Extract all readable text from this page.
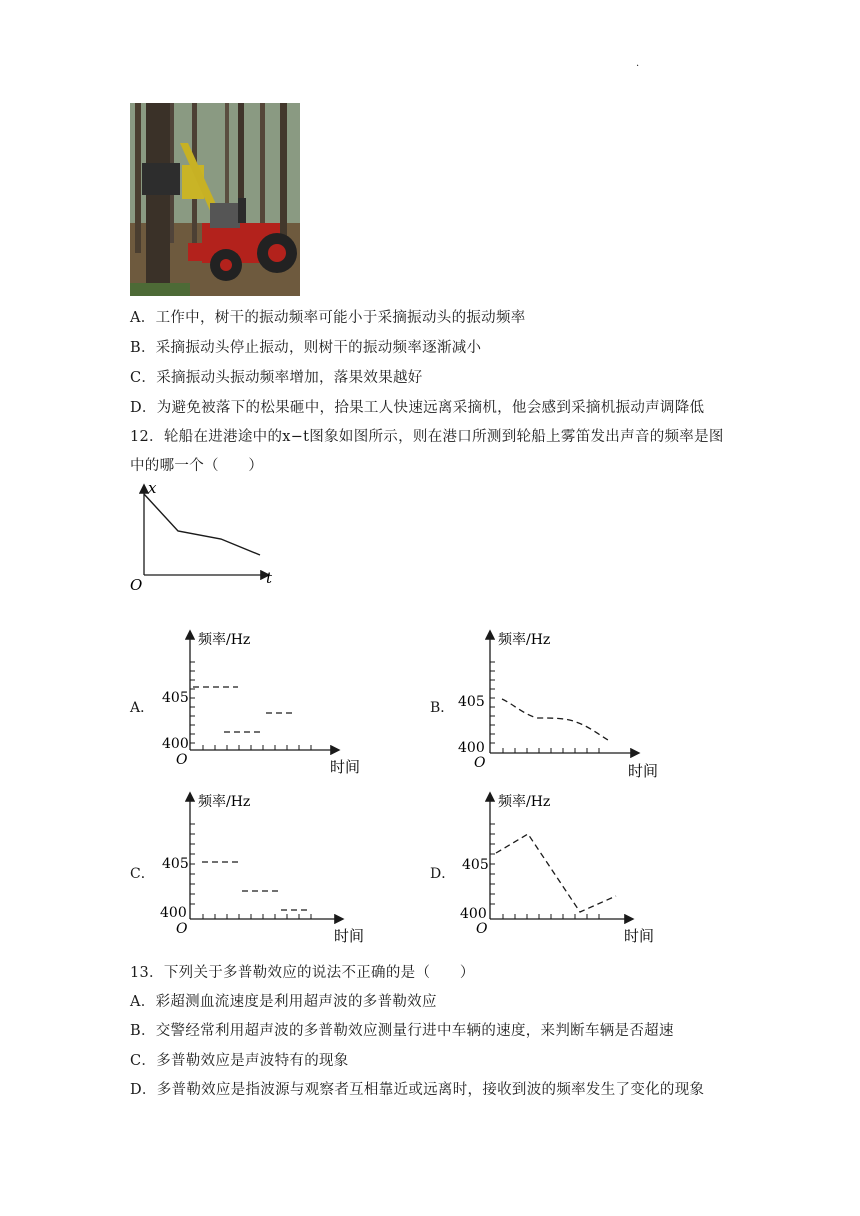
.
A．工作中，树干的振动频率可能小于采摘振动头的振动频率
B．采摘振动头停止振动，则树干的振动频率逐渐减小
C．采摘振动头振动频率增加，落果效果越好
D．为避免被落下的松果砸中，拾果工人快速远离采摘机，他会感到采摘机振动声调降低
12．轮船在进港途中的x−t图象如图所示，则在港口所测到轮船上雾笛发出声音的频率是图
中的哪一个（　　）
x
t
O
A．
频率/Hz
405
400
O	时间
B．
频率/Hz
405
400
O	时间
C．
频率/Hz
405
400
O	时间
D．
频率/Hz
405
400
O	时间
13．下列关于多普勒效应的说法不正确的是（　　）
A．彩超测血流速度是利用超声波的多普勒效应
B．交警经常利用超声波的多普勒效应测量行进中车辆的速度，来判断车辆是否超速
C．多普勒效应是声波特有的现象
D．多普勒效应是指波源与观察者互相靠近或远离时，接收到波的频率发生了变化的现象
